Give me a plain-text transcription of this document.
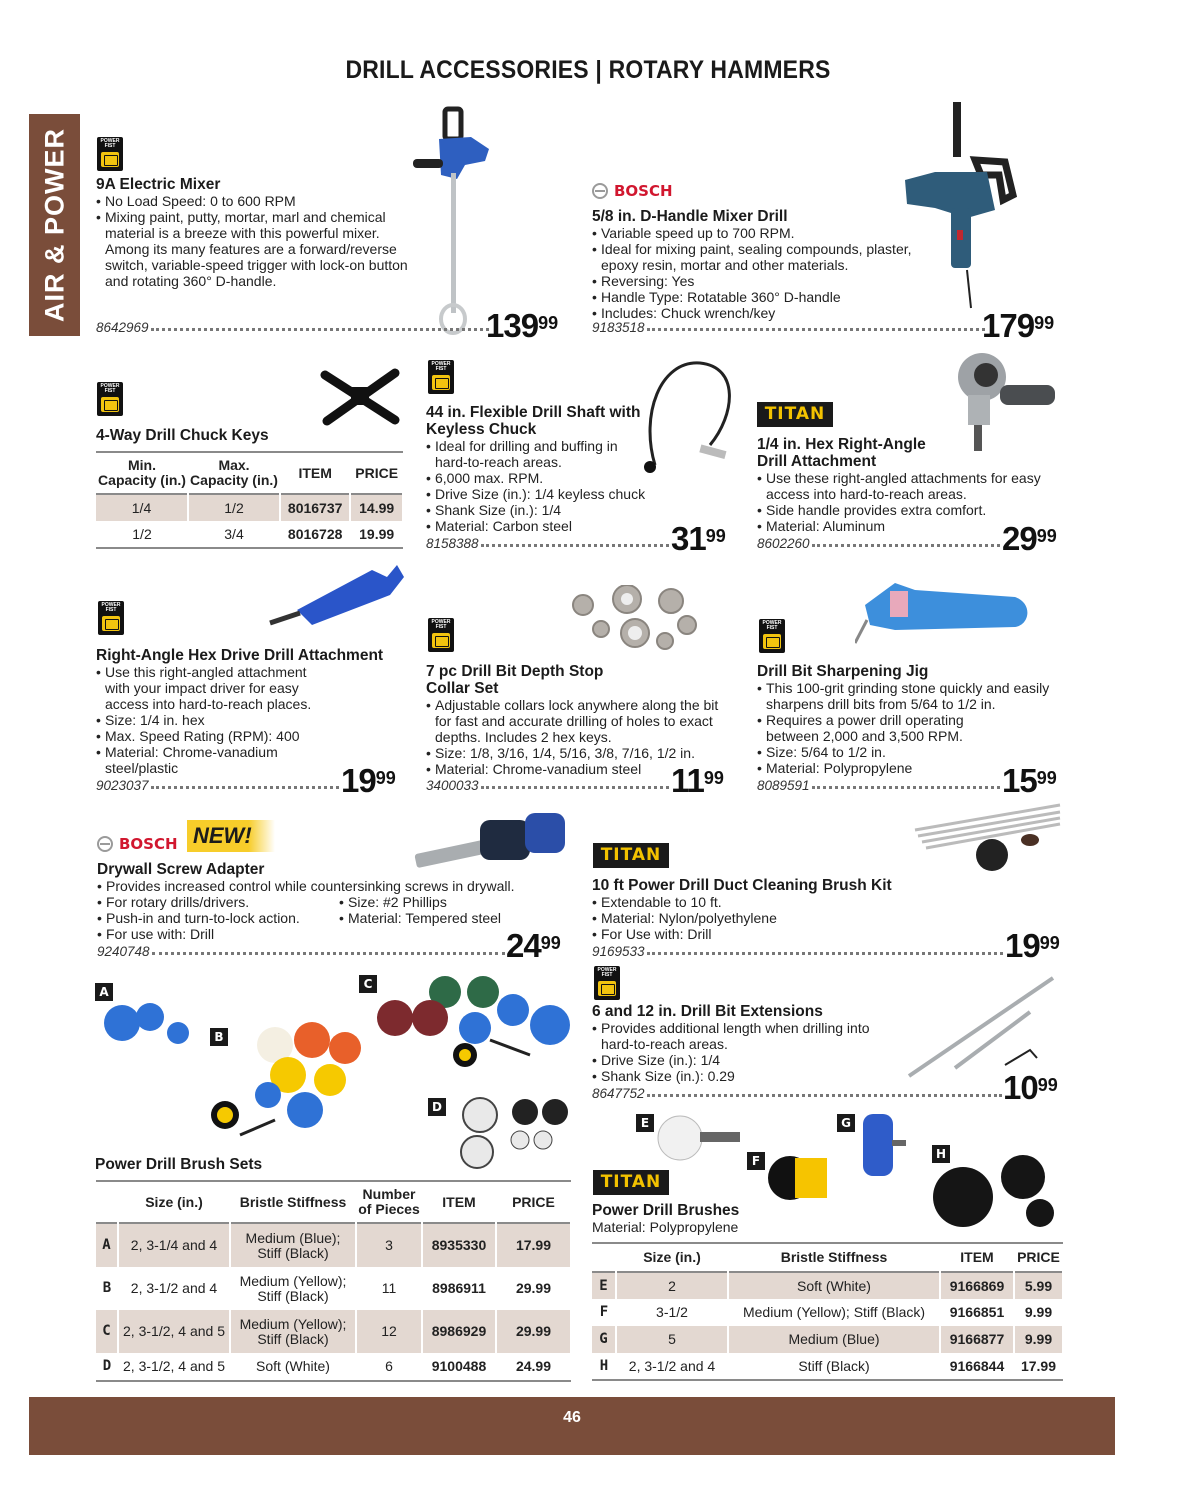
DRILL ACCESSORIES | ROTARY HAMMERS
AIR & POWER	POWER FIST
9A Electric Mixer
• No Load Speed: 0 to 600 RPM
• Mixing paint, putty, mortar, marl and chemical material is a breeze with this powerful mixer. Among its many features are a forward/reverse switch, variable-speed trigger with lock-on button and rotating 360° D-handle.
8642969	$139^{99}$
BOSCH
5/8 in. D-Handle Mixer Drill
• Variable speed up to 700 RPM.
• Ideal for mixing paint, sealing compounds, plaster, epoxy resin, mortar and other materials.
• Reversing: Yes
• Handle Type: Rotatable 360° D-handle
• Includes: Chuck wrench/key
9183518	$179^{99}$
POWER FIST
4-Way Drill Chuck Keys
Min. Capacity (in.)	Max. Capacity (in.)	ITEM	PRICE
1/4	1/2	8016737	14.99
1/2	3/4	8016728	19.99
POWER FIST
44 in. Flexible Drill Shaft with Keyless Chuck
• Ideal for drilling and buffing in hard-to-reach areas.
• 6,000 max. RPM.
• Drive Size (in.): 1/4 keyless chuck
• Shank Size (in.): 1/4
• Material: Carbon steel
8158388	$31^{99}$
TITAN
1/4 in. Hex Right-Angle Drill Attachment
• Use these right-angled attachments for easy access into hard-to-reach areas.
• Side handle provides extra comfort.
• Material: Aluminum
8602260	$29^{99}$
POWER FIST
Right-Angle Hex Drive Drill Attachment
• Use this right-angled attachment with your impact driver for easy access into hard-to-reach places.
• Size: 1/4 in. hex
• Max. Speed Rating (RPM): 400
• Material: Chrome-vanadium steel/plastic
9023037	$19^{99}$
POWER FIST
7 pc Drill Bit Depth Stop Collar Set
• Adjustable collars lock anywhere along the bit for fast and accurate drilling of holes to exact depths. Includes 2 hex keys.
• Size: 1/8, 3/16, 1/4, 5/16, 3/8, 7/16, 1/2 in.
• Material: Chrome-vanadium steel
3400033	$11^{99}$
POWER FIST
Drill Bit Sharpening Jig
• This 100-grit grinding stone quickly and easily sharpens drill bits from 5/64 to 1/2 in.
• Requires a power drill operating between 2,000 and 3,500 RPM.
• Size: 5/64 to 1/2 in.
• Material: Polypropylene
8089591	$15^{99}$
BOSCH NEW!
Drywall Screw Adapter
• Provides increased control while countersinking screws in drywall.
• For rotary drills/drivers.
• Push-in and turn-to-lock action.
• For use with: Drill
• Size: #2 Phillips
• Material: Tempered steel
9240748	$24^{99}$
TITAN
10 ft Power Drill Duct Cleaning Brush Kit
• Extendable to 10 ft.
• Material: Nylon/polyethylene
• For Use with: Drill
9169533	$19^{99}$
POWER FIST
6 and 12 in. Drill Bit Extensions
• Provides additional length when drilling into hard-to-reach areas.
• Drive Size (in.): 1/4
• Shank Size (in.): 0.29
8647752	$10^{99}$
A
B
C
D
Power Drill Brush Sets
	Size (in.)	Bristle Stiffness	Number of Pieces	ITEM	PRICE
A	2, 3-1/4 and 4	Medium (Blue); Stiff (Black)	3	8935330	17.99
B	2, 3-1/2 and 4	Medium (Yellow); Stiff (Black)	11	8986911	29.99
C	2, 3-1/2, 4 and 5	Medium (Yellow); Stiff (Black)	12	8986929	29.99
D	2, 3-1/2, 4 and 5	Soft (White)	6	9100488	24.99
E
F
G
H
TITAN
Power Drill Brushes
Material: Polypropylene
	Size (in.)	Bristle Stiffness	ITEM	PRICE
E	2	Soft (White)	9166869	5.99
F	3-1/2	Medium (Yellow); Stiff (Black)	9166851	9.99
G	5	Medium (Blue)	9166877	9.99
H	2, 3-1/2 and 4	Stiff (Black)	9166844	17.99
46
